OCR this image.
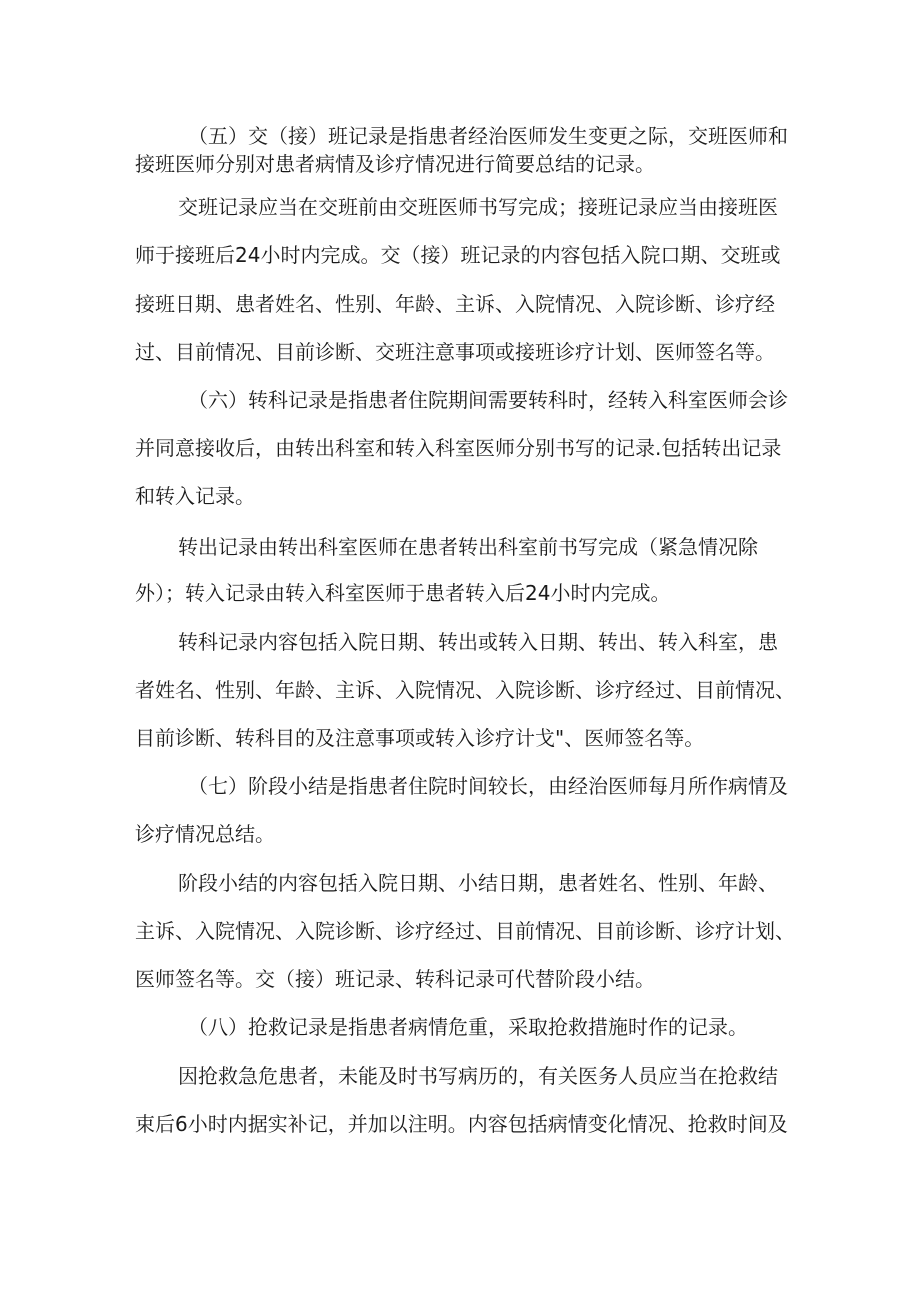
（五）交（接）班记录是指患者经治医师发生变更之际，交班医师和
接班医师分别对患者病情及诊疗情况进行简要总结的记录。
交班记录应当在交班前由交班医师书写完成；接班记录应当由接班医
师于接班后24小时内完成。交（接）班记录的内容包括入院口期、交班或
接班日期、患者姓名、性别、年龄、主诉、入院情况、入院诊断、诊疗经
过、目前情况、目前诊断、交班注意事项或接班诊疗计划、医师签名等。
（六）转科记录是指患者住院期间需要转科时，经转入科室医师会诊
并同意接收后，由转出科室和转入科室医师分别书写的记录.包括转出记录
和转入记录。
转出记录由转出科室医师在患者转出科室前书写完成（紧急情况除
外）；转入记录由转入科室医师于患者转入后24小时内完成。
转科记录内容包括入院日期、转出或转入日期、转出、转入科室，患
者姓名、性别、年龄、主诉、入院情况、入院诊断、诊疗经过、目前情况、
目前诊断、转科目的及注意事项或转入诊疗计戈"、医师签名等。
（七）阶段小结是指患者住院时间较长，由经治医师每月所作病情及
诊疗情况总结。
阶段小结的内容包括入院日期、小结日期，患者姓名、性别、年龄、
主诉、入院情况、入院诊断、诊疗经过、目前情况、目前诊断、诊疗计划、
医师签名等。交（接）班记录、转科记录可代替阶段小结。
（八）抢救记录是指患者病情危重，采取抢救措施时作的记录。
因抢救急危患者，未能及时书写病历的，有关医务人员应当在抢救结
束后6小时内据实补记，并加以注明。内容包括病情变化情况、抢救时间及
